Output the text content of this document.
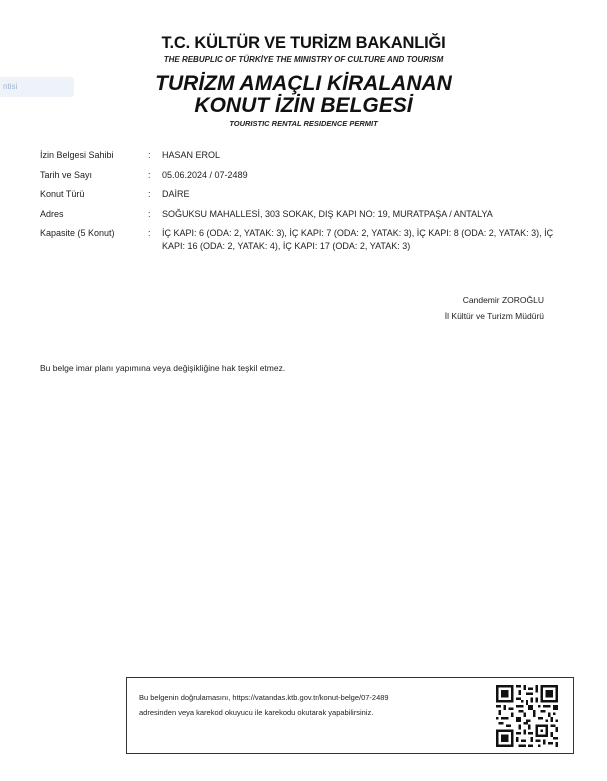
ntisi
T.C. KÜLTÜR VE TURİZM BAKANLIĞI
THE REBUPLIC OF TÜRKİYE THE MINISTRY OF CULTURE AND TOURISM
TURİZM AMAÇLI KİRALANAN
KONUT İZİN BELGESİ
TOURISTIC RENTAL RESIDENCE PERMIT
İzin Belgesi Sahibi	:	HASAN EROL
Tarih ve Sayı	:	05.06.2024 / 07-2489
Konut Türü	:	DAİRE
Adres	:	SOĞUKSU MAHALLESİ, 303 SOKAK, DIŞ KAPI NO: 19, MURATPAŞA / ANTALYA
Kapasite (5 Konut)	:	İÇ KAPI: 6 (ODA: 2, YATAK: 3), İÇ KAPI: 7 (ODA: 2, YATAK: 3), İÇ KAPI: 8 (ODA: 2, YATAK: 3), İÇ KAPI: 16 (ODA: 2, YATAK: 4), İÇ KAPI: 17 (ODA: 2, YATAK: 3)
Candemir ZOROĞLU
İl Kültür ve Turizm Müdürü
Bu belge imar planı yapımına veya değişikliğine hak teşkil etmez.
Bu belgenin doğrulamasını, https://vatandas.ktb.gov.tr/konut-belge/07-2489
adresinden veya karekod okuyucu ile karekodu okutarak yapabilirsiniz.
